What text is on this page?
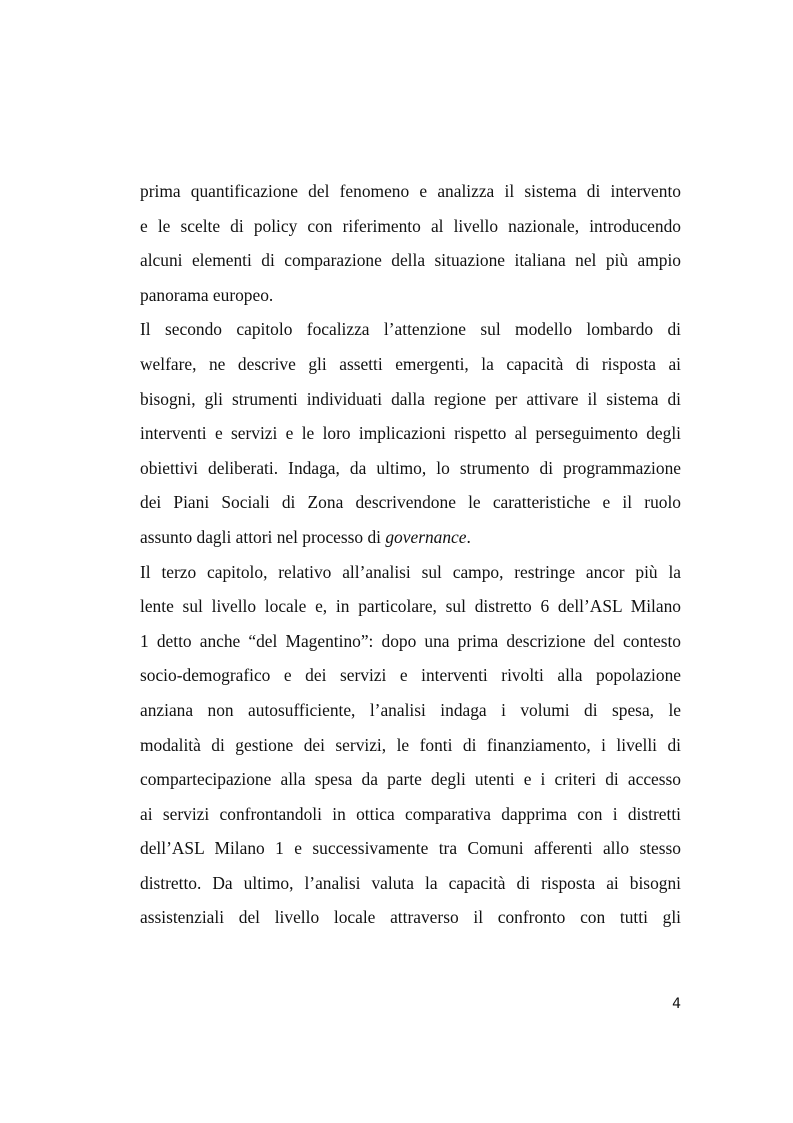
prima quantificazione del fenomeno e analizza il sistema di intervento
e le scelte di policy con riferimento al livello nazionale, introducendo
alcuni elementi di comparazione della situazione italiana nel più ampio
panorama europeo.
Il secondo capitolo focalizza l’attenzione sul modello lombardo di
welfare, ne descrive gli assetti emergenti, la capacità di risposta ai
bisogni, gli strumenti individuati dalla regione per attivare il sistema di
interventi e servizi e le loro implicazioni rispetto al perseguimento degli
obiettivi deliberati. Indaga, da ultimo, lo strumento di programmazione
dei Piani Sociali di Zona descrivendone le caratteristiche e il ruolo
assunto dagli attori nel processo di governance.
Il terzo capitolo, relativo all’analisi sul campo, restringe ancor più la
lente sul livello locale e, in particolare, sul distretto 6 dell’ASL Milano
1 detto anche “del Magentino”: dopo una prima descrizione del contesto
socio-demografico e dei servizi e interventi rivolti alla popolazione
anziana non autosufficiente, l’analisi indaga i volumi di spesa, le
modalità di gestione dei servizi, le fonti di finanziamento, i livelli di
compartecipazione alla spesa da parte degli utenti e i criteri di accesso
ai servizi confrontandoli in ottica comparativa dapprima con i distretti
dell’ASL Milano 1 e successivamente tra Comuni afferenti allo stesso
distretto. Da ultimo, l’analisi valuta la capacità di risposta ai bisogni
assistenziali del livello locale attraverso il confronto con tutti gli
4
